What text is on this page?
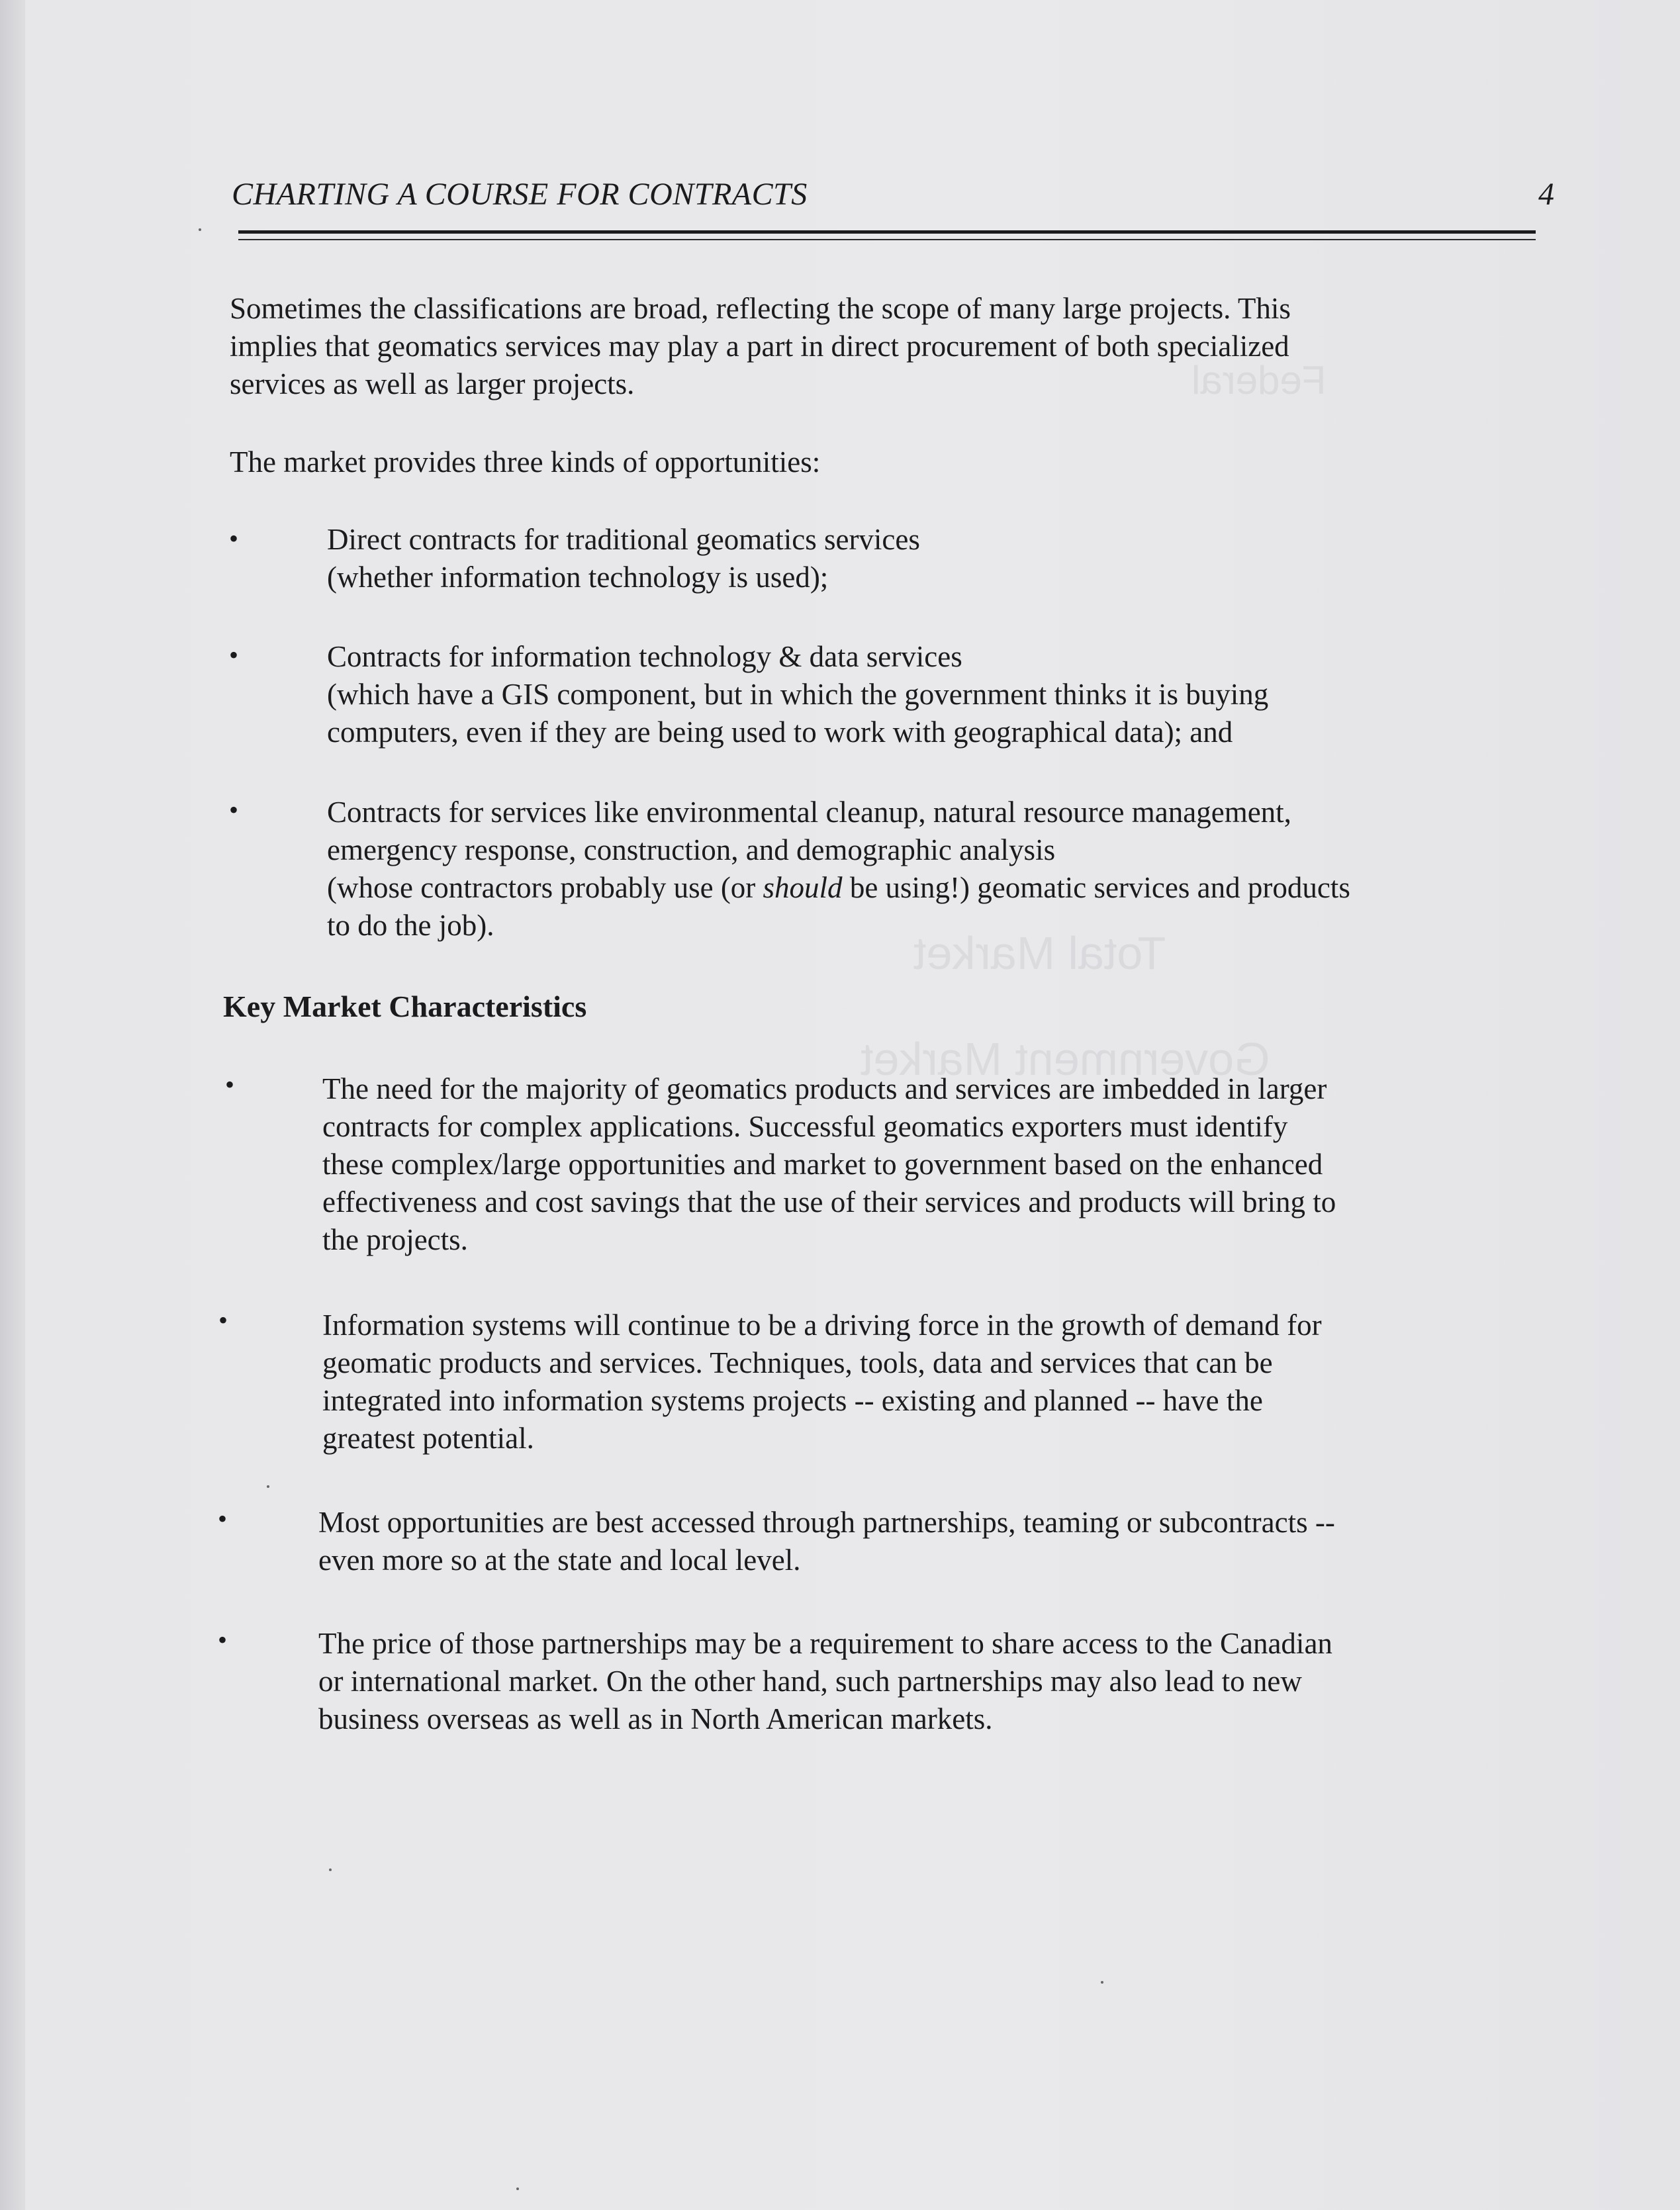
Federal
Total Market
Government Market
CHARTING A COURSE FOR CONTRACTS	4

Sometimes the classifications are broad, reflecting the scope of many large projects. This

implies that geomatics services may play a part in direct procurement of both specialized

services as well as larger projects.

The market provides three kinds of opportunities:

•	Direct contracts for traditional geomatics services

(whether information technology is used);

•	Contracts for information technology & data services

(which have a GIS component, but in which the government thinks it is buying

computers, even if they are being used to work with geographical data); and

•	Contracts for services like environmental cleanup, natural resource management,

emergency response, construction, and demographic analysis

(whose contractors probably use (or should be using!) geomatic services and products

to do the job).

Key Market Characteristics
•	The need for the majority of geomatics products and services are imbedded in larger

contracts for complex applications. Successful geomatics exporters must identify

these complex/large opportunities and market to government based on the enhanced

effectiveness and cost savings that the use of their services and products will bring to

the projects.

•	Information systems will continue to be a driving force in the growth of demand for

geomatic products and services. Techniques, tools, data and services that can be

integrated into information systems projects -- existing and planned -- have the

greatest potential.

•	Most opportunities are best accessed through partnerships, teaming or subcontracts --

even more so at the state and local level.

•	The price of those partnerships may be a requirement to share access to the Canadian

or international market. On the other hand, such partnerships may also lead to new

business overseas as well as in North American markets.
